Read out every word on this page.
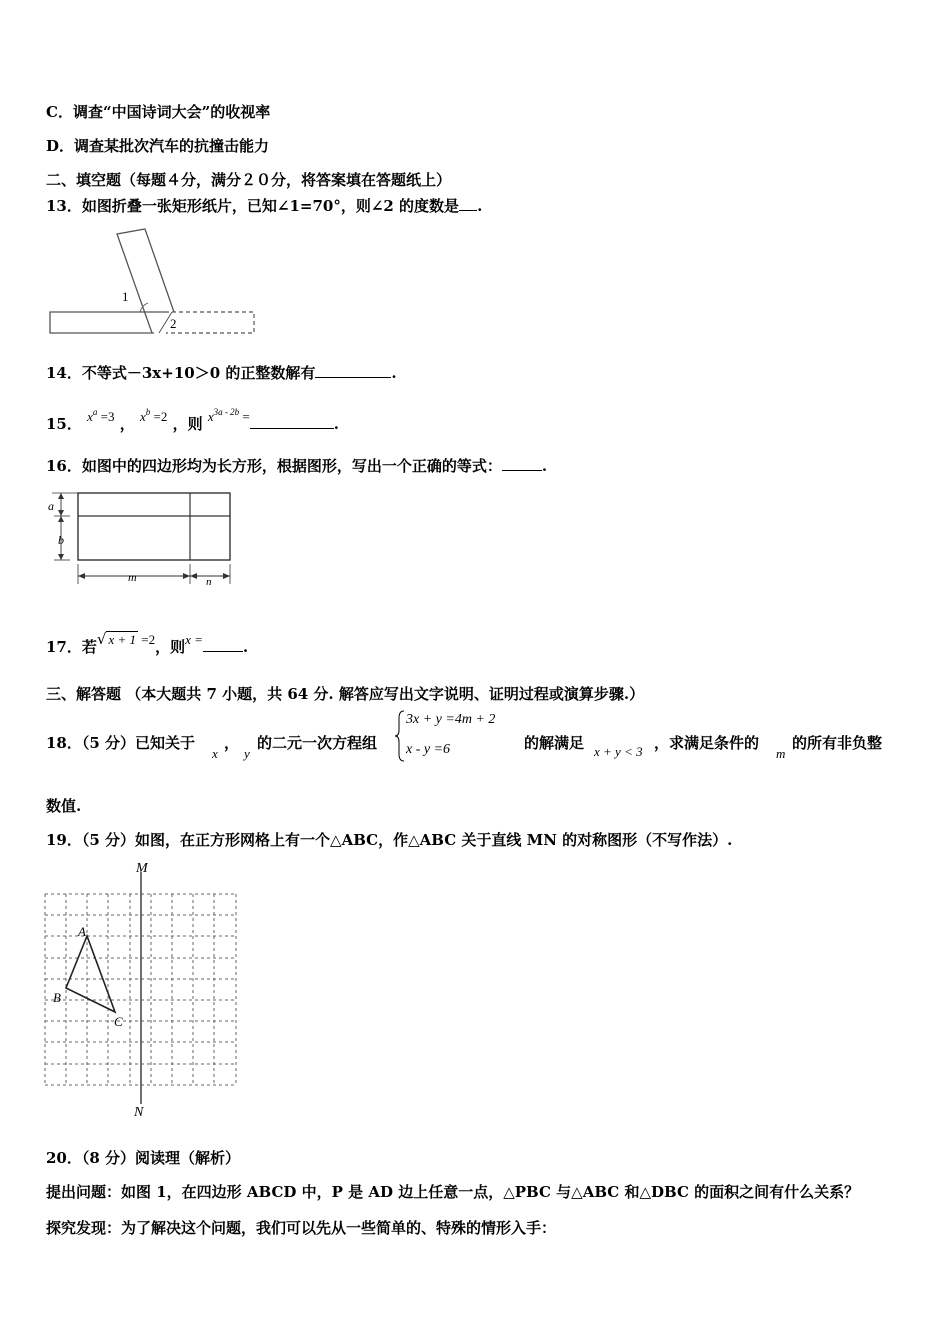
C．调查“中国诗词大会”的收视率
D．调查某批次汽车的抗撞击能力
二、填空题（每题４分，满分２０分，将答案填在答题纸上）
13．如图折叠一张矩形纸片，已知∠1=70°，则∠2 的度数是 .
1
2
14．不等式－3x+10＞0 的正整数解有	.
15． $x^a =3$ ， $x^b =2$ ，则 $x^{3a - 2b}$ =	.
16．如图中的四边形均为长方形，根据图形，写出一个正确的等式：	.
a
b
m	n
17．若√ x + 1 =2，则x =	.
三、解答题 （本大题共 7 小题，共 64 分. 解答应写出文字说明、证明过程或演算步骤.）
18．（5 分）已知关于
x
，
y
的二元一次方程组
3x + y =4m + 2
x - y =6	的解满足 x + y < 3 ，求满足条件的
m
的所有非负整
数值.
19．（5 分）如图，在正方形网格上有一个△ABC，作△ABC 关于直线 MN 的对称图形（不写作法）.
M
N
A
B
C
20．（8 分）阅读理（解析）
提出问题：如图 1，在四边形 ABCD 中，P 是 AD 边上任意一点，△PBC 与△ABC 和△DBC 的面积之间有什么关系？
探究发现：为了解决这个问题，我们可以先从一些简单的、特殊的情形入手：
